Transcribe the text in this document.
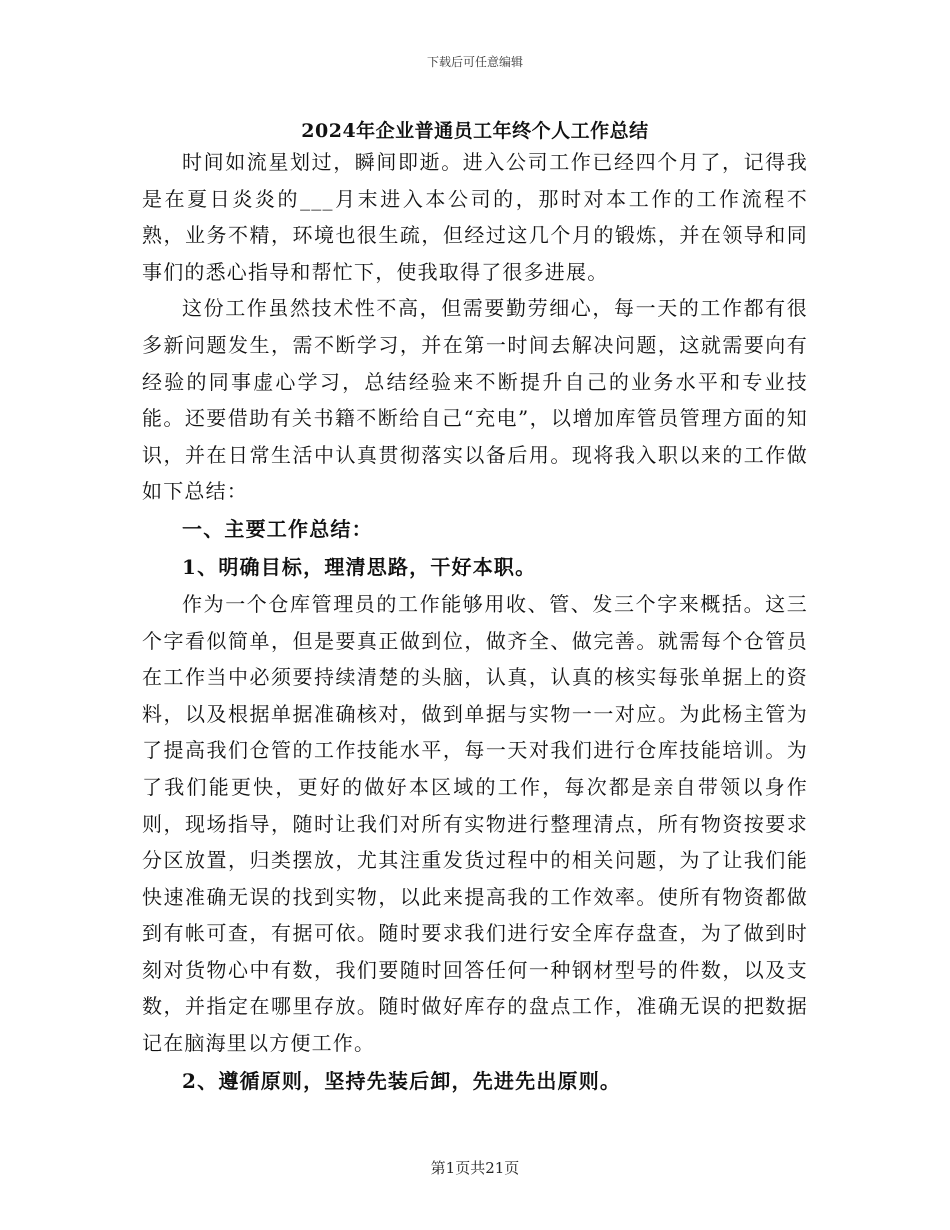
下载后可任意编辑
2024年企业普通员工年终个人工作总结

时间如流星划过，瞬间即逝。进入公司工作已经四个月了，记得我是在夏日炎炎的___月末进入本公司的，那时对本工作的工作流程不熟，业务不精，环境也很生疏，但经过这几个月的锻炼，并在领导和同事们的悉心指导和帮忙下，使我取得了很多进展。

这份工作虽然技术性不高，但需要勤劳细心，每一天的工作都有很多新问题发生，需不断学习，并在第一时间去解决问题，这就需要向有经验的同事虚心学习，总结经验来不断提升自己的业务水平和专业技能。还要借助有关书籍不断给自己“充电”，以增加库管员管理方面的知识，并在日常生活中认真贯彻落实以备后用。现将我入职以来的工作做如下总结：

一、主要工作总结：

1、明确目标，理清思路，干好本职。

作为一个仓库管理员的工作能够用收、管、发三个字来概括。这三个字看似简单，但是要真正做到位，做齐全、做完善。就需每个仓管员在工作当中必须要持续清楚的头脑，认真，认真的核实每张单据上的资料，以及根据单据准确核对，做到单据与实物一一对应。为此杨主管为了提高我们仓管的工作技能水平，每一天对我们进行仓库技能培训。为了我们能更快，更好的做好本区域的工作，每次都是亲自带领以身作则，现场指导，随时让我们对所有实物进行整理清点，所有物资按要求分区放置，归类摆放，尤其注重发货过程中的相关问题，为了让我们能快速准确无误的找到实物，以此来提高我的工作效率。使所有物资都做到有帐可查，有据可依。随时要求我们进行安全库存盘查，为了做到时刻对货物心中有数，我们要随时回答任何一种钢材型号的件数，以及支数，并指定在哪里存放。随时做好库存的盘点工作，准确无误的把数据记在脑海里以方便工作。

2、遵循原则，坚持先装后卸，先进先出原则。

第1页共21页
